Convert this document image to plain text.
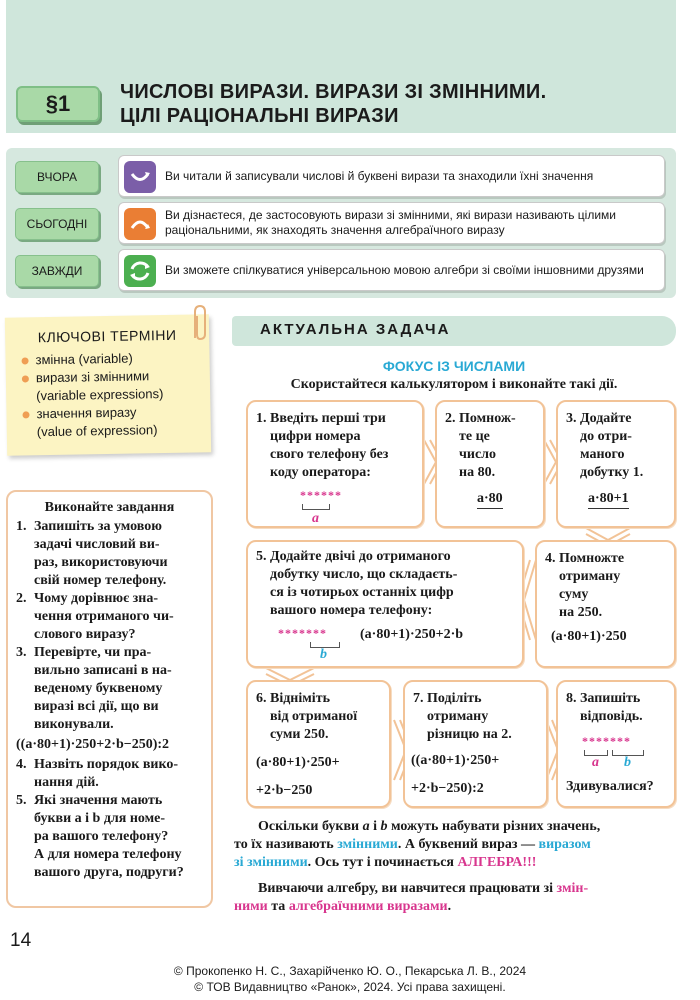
§1	ЧИСЛОВІ ВИРАЗИ. ВИРАЗИ ЗІ ЗМІННИМИ.
ЦІЛІ РАЦІОНАЛЬНІ ВИРАЗИ
ВЧОРА
СЬОГОДНІ
ЗАВЖДИ
Ви читали й записували числові й буквені вирази та знаходили їхні значення
Ви дізнаєтеся, де застосовують вирази зі змінними, які вирази називають цілими раціональними, як знаходять значення алгебраїчного виразу
Ви зможете спілкуватися універсальною мовою алгебри зі своїми іншовними друзями
КЛЮЧОВІ ТЕРМІНИ
змінна (variable)
вирази зі змінними
(variable expressions)
значення виразу
(value of expression)
Виконайте завдання
1. Запишіть за умовою
задачі числовий ви-
раз, використовуючи
свій номер телефону.
2. Чому дорівнює зна-
чення отриманого чи-
слового виразу?
3. Перевірте, чи пра-
вильно записані в на-
веденому буквеному
виразі всі дії, що ви
виконували.
((a·80+1)·250+2·b−250):2
4. Назвіть порядок вико-
нання дій.
5. Які значення мають
букви a і b для номе-
ра вашого телефону?
А для номера телефону
вашого друга, подруги?
АКТУАЛЬНА ЗАДАЧА
ФОКУС ІЗ ЧИСЛАМИ
Скористайтеся калькулятором і виконайте такі дії.
1. Введіть перші три
цифри номера
свого телефону без
коду оператора:
******
a
2. Помнож-
те це
число
на 80.
a·80
3. Додайте
до отри-
маного
добутку 1.
a·80+1
4. Помножте
отриману
суму
на 250.
(a·80+1)·250
5. Додайте двічі до отриманого
добутку число, що складаєть-
ся із чотирьох останніх цифр
вашого номера телефону:
*******
b
(a·80+1)·250+2·b
6. Відніміть
від отриманої
суми 250.
(a·80+1)·250+
+2·b−250
7. Поділіть
отриману
різницю на 2.
((a·80+1)·250+
+2·b−250):2
8. Запишіть
відповідь.
*******
a b
Здивувалися?
Оскільки букви a і b можуть набувати різних значень,
то їх називають змінними. А буквений вираз — виразом
зі змінними. Ось тут і починається АЛГЕБРА!!!
Вивчаючи алгебру, ви навчитеся працювати зі змін-
ними та алгебраїчними виразами.
14
© Прокопенко Н. С., Захарійченко Ю. О., Пекарська Л. В., 2024
© ТОВ Видавництво «Ранок», 2024. Усі права захищені.
